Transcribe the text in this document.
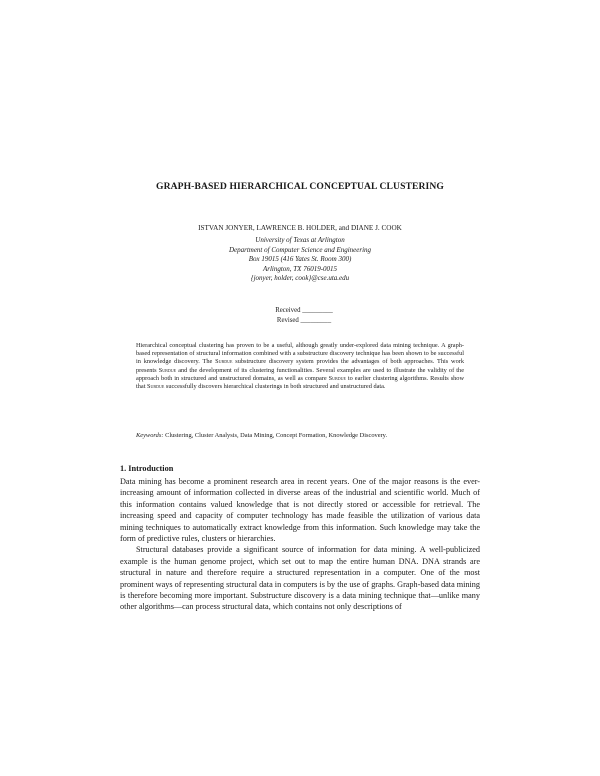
GRAPH-BASED HIERARCHICAL CONCEPTUAL CLUSTERING
ISTVAN JONYER, LAWRENCE B. HOLDER, and DIANE J. COOK
University of Texas at Arlington
Department of Computer Science and Engineering
Box 19015 (416 Yates St. Room 300)
Arlington, TX 76019-0015
{jonyer, holder, cook}@cse.uta.edu
Received _________
Revised _________
Hierarchical conceptual clustering has proven to be a useful, although greatly under-explored data mining technique. A graph-based representation of structural information combined with a substructure discovery technique has been shown to be successful in knowledge discovery. The Subdue substructure discovery system provides the advantages of both approaches. This work presents Subdue and the development of its clustering functionalities. Several examples are used to illustrate the validity of the approach both in structured and unstructured domains, as well as compare Subdue to earlier clustering algorithms. Results show that Subdue successfully discovers hierarchical clusterings in both structured and unstructured data.
Keywords: Clustering, Cluster Analysis, Data Mining, Concept Formation, Knowledge Discovery.
1. Introduction

Data mining has become a prominent research area in recent years. One of the major reasons is the ever-increasing amount of information collected in diverse areas of the industrial and scientific world. Much of this information contains valued knowledge that is not directly stored or accessible for retrieval. The increasing speed and capacity of computer technology has made feasible the utilization of various data mining techniques to automatically extract knowledge from this information. Such knowledge may take the form of predictive rules, clusters or hierarchies.

Structural databases provide a significant source of information for data mining. A well-publicized example is the human genome project, which set out to map the entire human DNA. DNA strands are structural in nature and therefore require a structured representation in a computer. One of the most prominent ways of representing structural data in computers is by the use of graphs. Graph-based data mining is therefore becoming more important. Substructure discovery is a data mining technique that—unlike many other algorithms—can process structural data, which contains not only descriptions of
